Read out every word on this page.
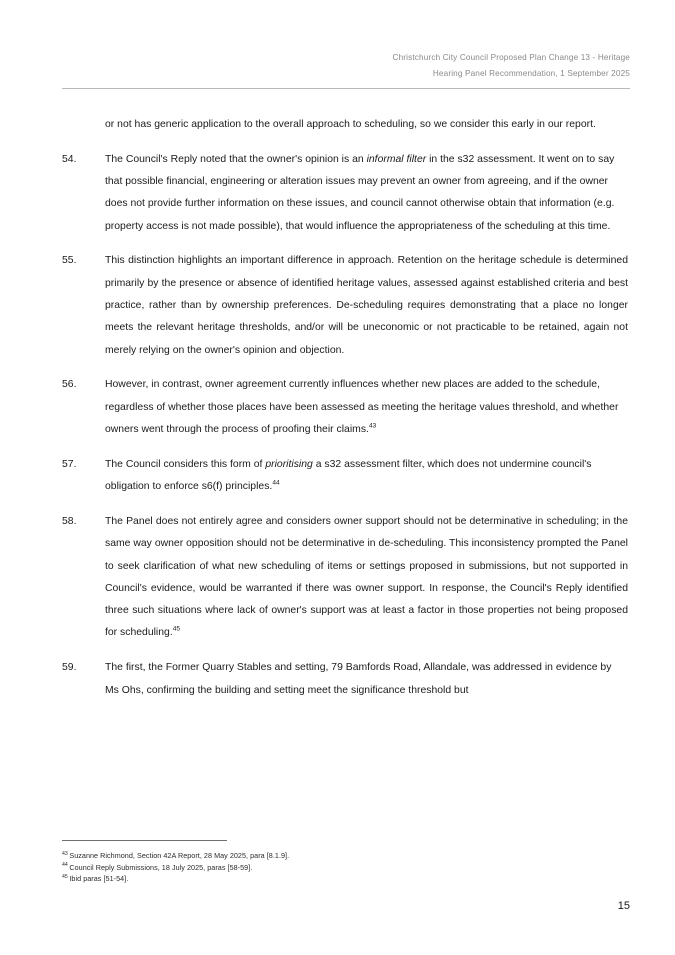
Christchurch City Council Proposed Plan Change 13 - Heritage
Hearing Panel Recommendation, 1 September 2025
or not has generic application to the overall approach to scheduling, so we consider this early in our report.
54.	The Council's Reply noted that the owner's opinion is an informal filter in the s32 assessment. It went on to say that possible financial, engineering or alteration issues may prevent an owner from agreeing, and if the owner does not provide further information on these issues, and council cannot otherwise obtain that information (e.g. property access is not made possible), that would influence the appropriateness of the scheduling at this time.
55.	This distinction highlights an important difference in approach. Retention on the heritage schedule is determined primarily by the presence or absence of identified heritage values, assessed against established criteria and best practice, rather than by ownership preferences. De-scheduling requires demonstrating that a place no longer meets the relevant heritage thresholds, and/or will be uneconomic or not practicable to be retained, again not merely relying on the owner's opinion and objection.
56.	However, in contrast, owner agreement currently influences whether new places are added to the schedule, regardless of whether those places have been assessed as meeting the heritage values threshold, and whether owners went through the process of proofing their claims.$^{43}$
57.	The Council considers this form of prioritising a s32 assessment filter, which does not undermine council's obligation to enforce s6(f) principles.$^{44}$
58.	The Panel does not entirely agree and considers owner support should not be determinative in scheduling; in the same way owner opposition should not be determinative in de-scheduling. This inconsistency prompted the Panel to seek clarification of what new scheduling of items or settings proposed in submissions, but not supported in Council's evidence, would be warranted if there was owner support. In response, the Council's Reply identified three such situations where lack of owner's support was at least a factor in those properties not being proposed for scheduling.$^{45}$
59.	The first, the Former Quarry Stables and setting, 79 Bamfords Road, Allandale, was addressed in evidence by Ms Ohs, confirming the building and setting meet the significance threshold but
$^{43}$ Suzanne Richmond, Section 42A Report, 28 May 2025, para [8.1.9].
$^{44}$ Council Reply Submissions, 18 July 2025, paras [58-59].
$^{45}$ Ibid paras [51-54].
15
